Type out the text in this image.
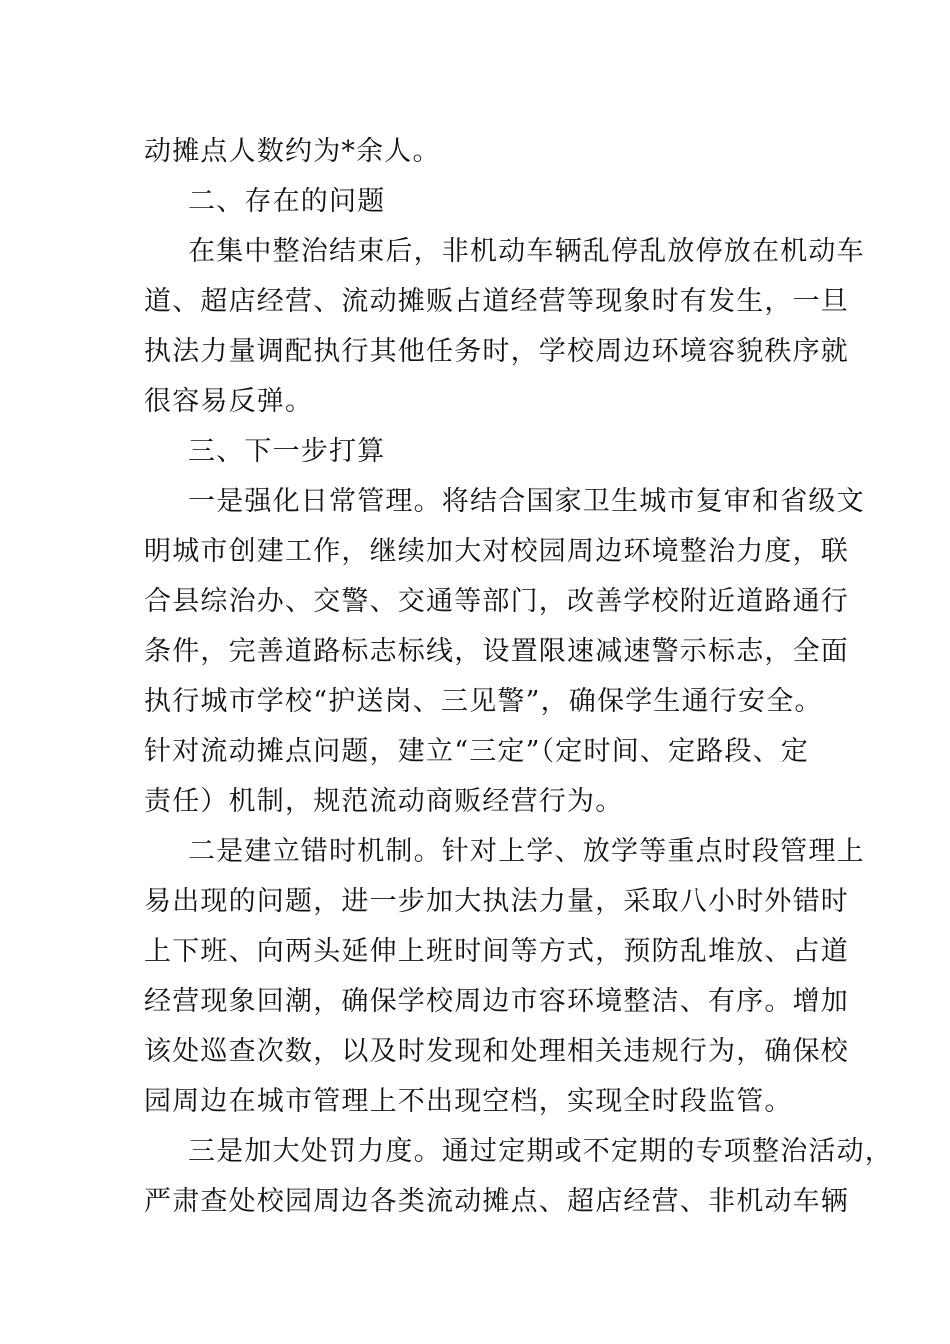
动摊点人数约为*余人。
二、存在的问题
在集中整治结束后，非机动车辆乱停乱放停放在机动车
道、超店经营、流动摊贩占道经营等现象时有发生，一旦
执法力量调配执行其他任务时，学校周边环境容貌秩序就
很容易反弹。
三、下一步打算
一是强化日常管理。将结合国家卫生城市复审和省级文
明城市创建工作，继续加大对校园周边环境整治力度，联
合县综治办、交警、交通等部门，改善学校附近道路通行
条件，完善道路标志标线，设置限速减速警示标志，全面
执行城市学校“护送岗、三见警”，确保学生通行安全。
针对流动摊点问题，建立“三定”（定时间、定路段、定
责任）机制，规范流动商贩经营行为。
二是建立错时机制。针对上学、放学等重点时段管理上
易出现的问题，进一步加大执法力量，采取八小时外错时
上下班、向两头延伸上班时间等方式，预防乱堆放、占道
经营现象回潮，确保学校周边市容环境整洁、有序。增加
该处巡查次数，以及时发现和处理相关违规行为，确保校
园周边在城市管理上不出现空档，实现全时段监管。
三是加大处罚力度。通过定期或不定期的专项整治活动，
严肃查处校园周边各类流动摊点、超店经营、非机动车辆
